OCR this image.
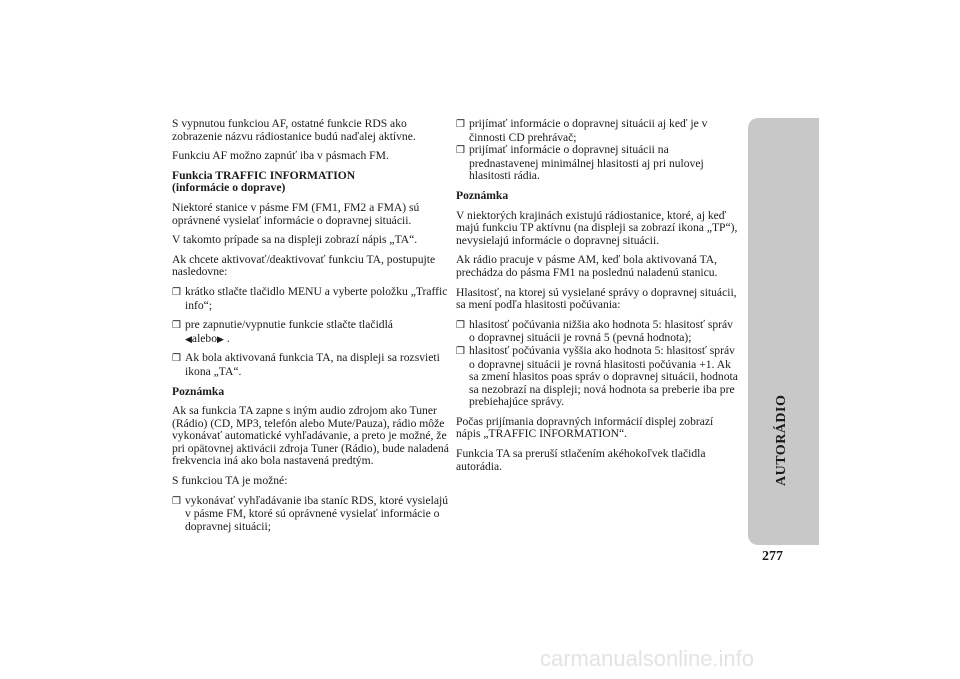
S vypnutou funkciou AF, ostatné funkcie RDS ako zobrazenie názvu rádiostanice budú naďalej aktívne.

Funkciu AF možno zapnúť iba v pásmach FM.

Funkcia TRAFFIC INFORMATION
(informácie o doprave)

Niektoré stanice v pásme FM (FM1, FM2 a FMA) sú oprávnené vysielať informácie o dopravnej situácii.

V takomto prípade sa na displeji zobrazí nápis „TA“.

Ak chcete aktivovať/deaktivovať funkciu TA, postupujte nasledovne:

❒ krátko stlačte tlačidlo MENU a vyberte položku „Traffic info“;

❒ pre zapnutie/vypnutie funkcie stlačte tlačidlá
◀alebo▶ .

❒ Ak bola aktivovaná funkcia TA, na displeji sa rozsvieti ikona „TA“.

Poznámka

Ak sa funkcia TA zapne s iným audio zdrojom ako Tuner (Rádio) (CD, MP3, telefón alebo Mute/Pauza), rádio môže vykonávať automatické vyhľadávanie, a preto je možné, že pri opätovnej aktivácii zdroja Tuner (Rádio), bude naladená frekvencia iná ako bola nastavená predtým.

S funkciou TA je možné:

❒ vykonávať vyhľadávanie iba staníc RDS, ktoré vysielajú v pásme FM, ktoré sú oprávnené vysielať informácie o dopravnej situácii;

❒ prijímať informácie o dopravnej situácii aj keď je v činnosti CD prehrávač;

❒ prijímať informácie o dopravnej situácii na prednastavenej minimálnej hlasitosti aj pri nulovej hlasitosti rádia.

Poznámka

V niektorých krajinách existujú rádiostanice, ktoré, aj keď majú funkciu TP aktívnu (na displeji sa zobrazí ikona „TP“), nevysielajú informácie o dopravnej situácii.

Ak rádio pracuje v pásme AM, keď bola aktivovaná TA, prechádza do pásma FM1 na poslednú naladenú stanicu.

Hlasitosť, na ktorej sú vysielané správy o dopravnej situácii, sa mení podľa hlasitosti počúvania:

❒ hlasitosť počúvania nižšia ako hodnota 5: hlasitosť správ o dopravnej situácii je rovná 5 (pevná hodnota);

❒ hlasitosť počúvania vyššia ako hodnota 5: hlasitosť správ o dopravnej situácii je rovná hlasitosti počúvania +1. Ak sa zmení hlasitos poas správ o dopravnej situácii, hodnota sa nezobrazí na displeji; nová hodnota sa preberie iba pre prebiehajúce správy.

Počas prijímania dopravných informácií displej zobrazí nápis „TRAFFIC INFORMATION“.

Funkcia TA sa preruší stlačením akéhokoľvek tlačidla autorádia.	AUTORÁDIO
277
carmanualsonline.info
